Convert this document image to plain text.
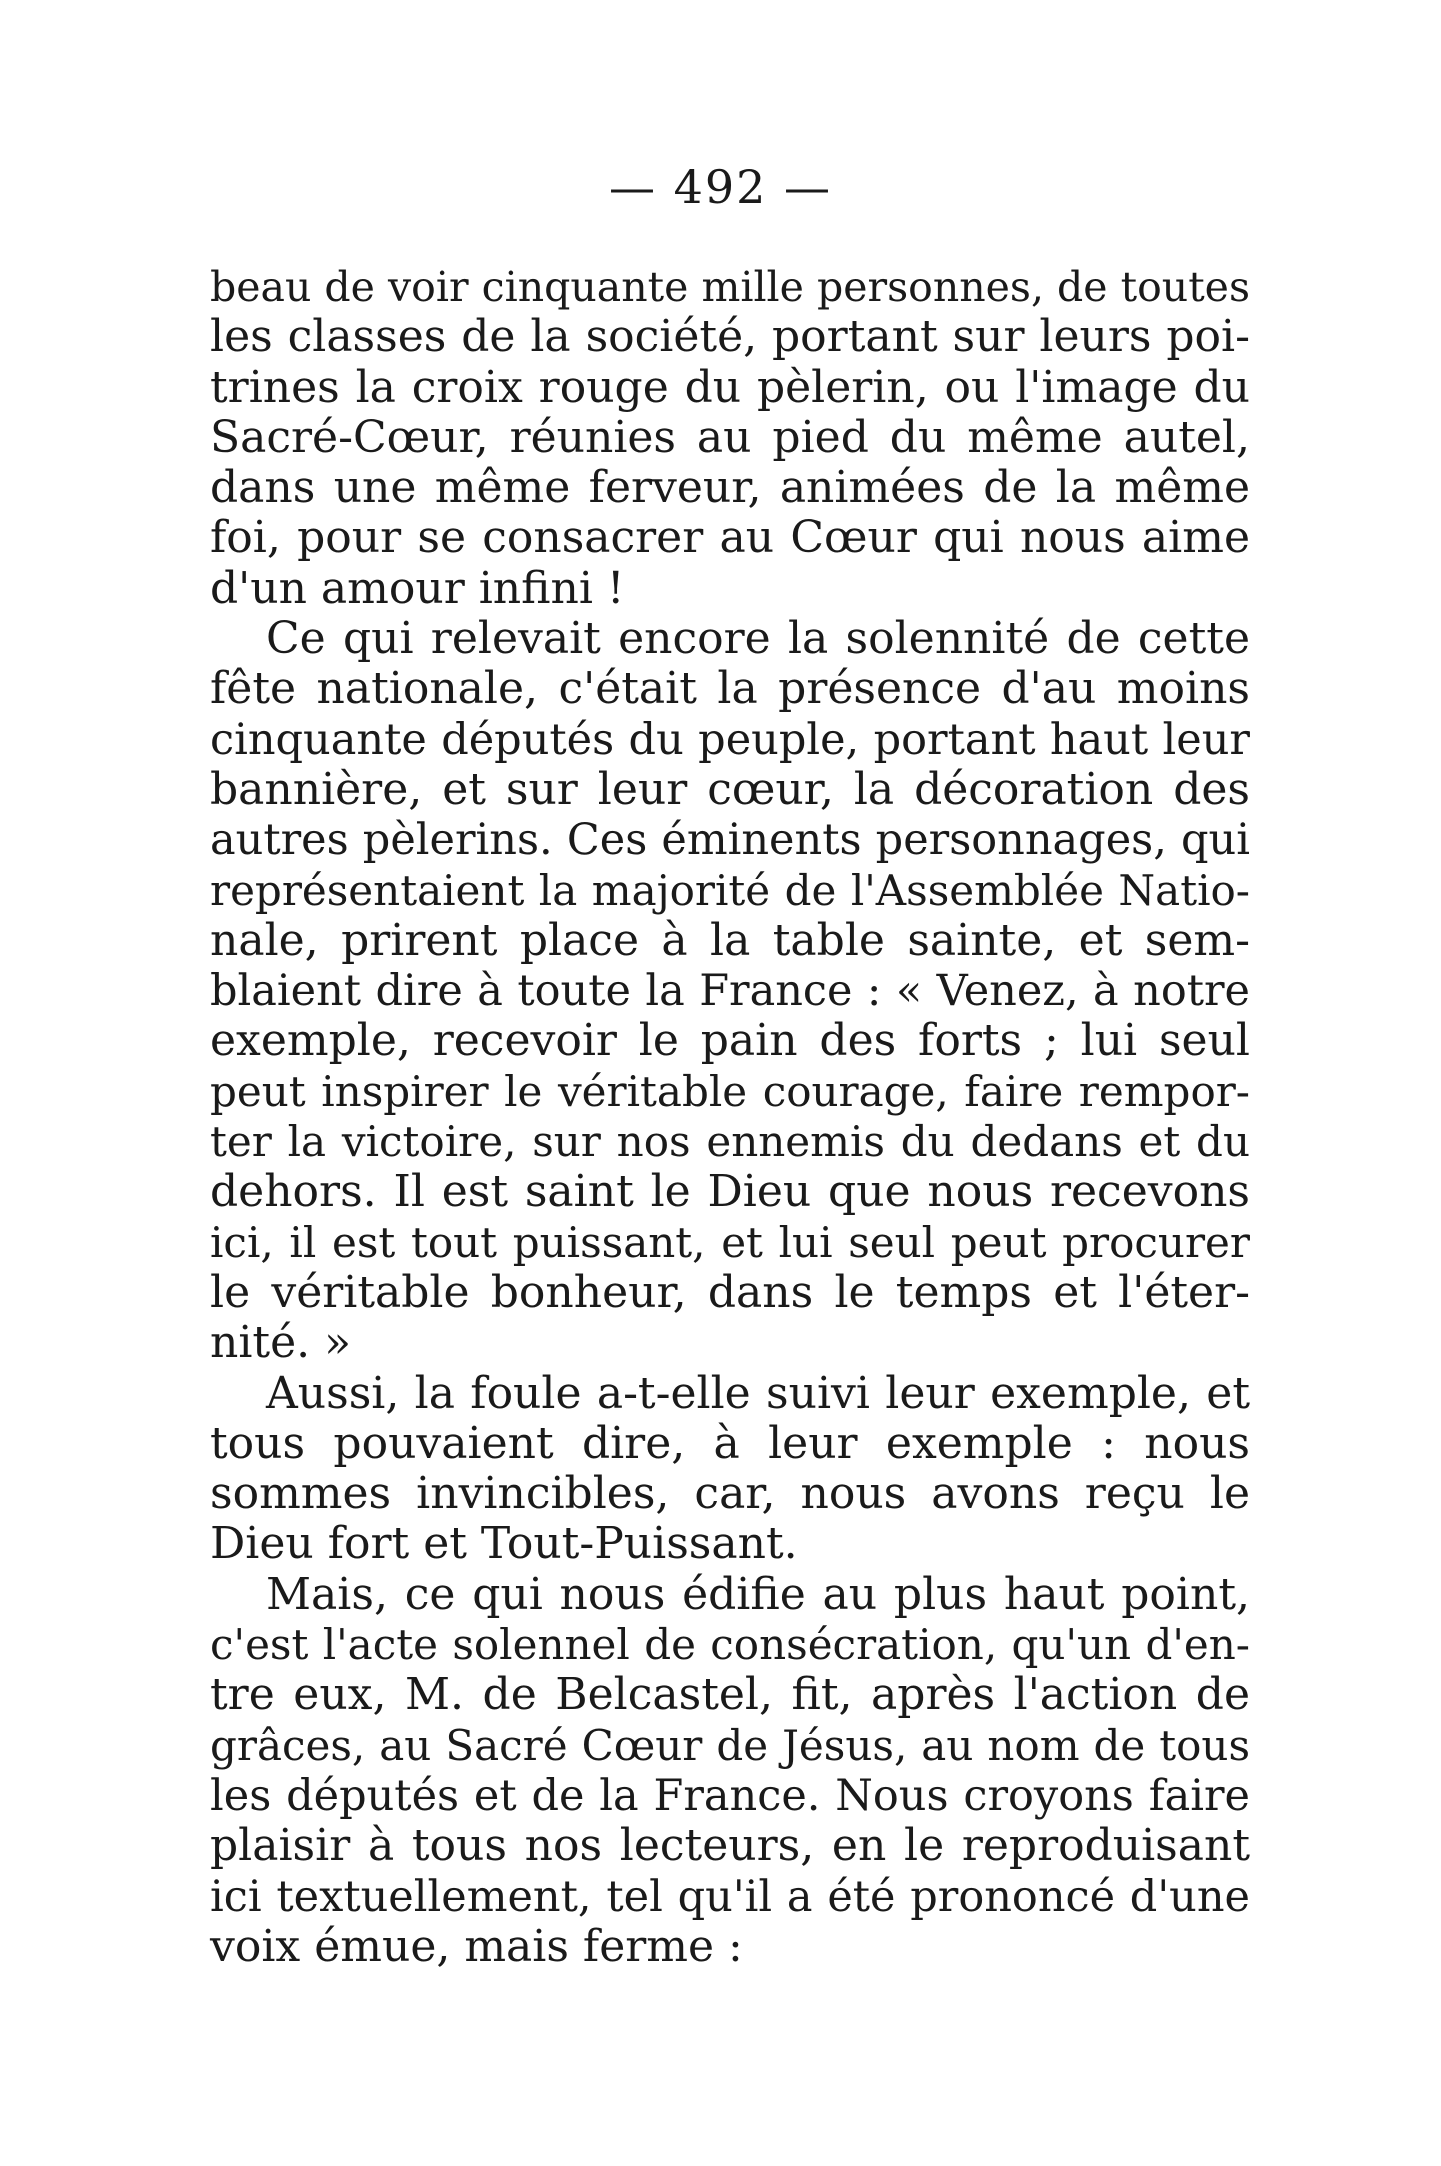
— 492 —
beau de voir cinquante mille personnes, de toutes
les classes de la société, portant sur leurs poi-
trines la croix rouge du pèlerin, ou l'image du
Sacré-Cœur, réunies au pied du même autel,
dans une même ferveur, animées de la même
foi, pour se consacrer au Cœur qui nous aime
d'un amour infini !
Ce qui relevait encore la solennité de cette
fête nationale, c'était la présence d'au moins
cinquante députés du peuple, portant haut leur
bannière, et sur leur cœur, la décoration des
autres pèlerins. Ces éminents personnages, qui
représentaient la majorité de l'Assemblée Natio-
nale, prirent place à la table sainte, et sem-
blaient dire à toute la France : « Venez, à notre
exemple, recevoir le pain des forts ; lui seul
peut inspirer le véritable courage, faire rempor-
ter la victoire, sur nos ennemis du dedans et du
dehors. Il est saint le Dieu que nous recevons
ici, il est tout puissant, et lui seul peut procurer
le véritable bonheur, dans le temps et l'éter-
nité. »
Aussi, la foule a-t-elle suivi leur exemple, et
tous pouvaient dire, à leur exemple : nous
sommes invincibles, car, nous avons reçu le
Dieu fort et Tout-Puissant.
Mais, ce qui nous édifie au plus haut point,
c'est l'acte solennel de consécration, qu'un d'en-
tre eux, M. de Belcastel, fit, après l'action de
grâces, au Sacré Cœur de Jésus, au nom de tous
les députés et de la France. Nous croyons faire
plaisir à tous nos lecteurs, en le reproduisant
ici textuellement, tel qu'il a été prononcé d'une
voix émue, mais ferme :
